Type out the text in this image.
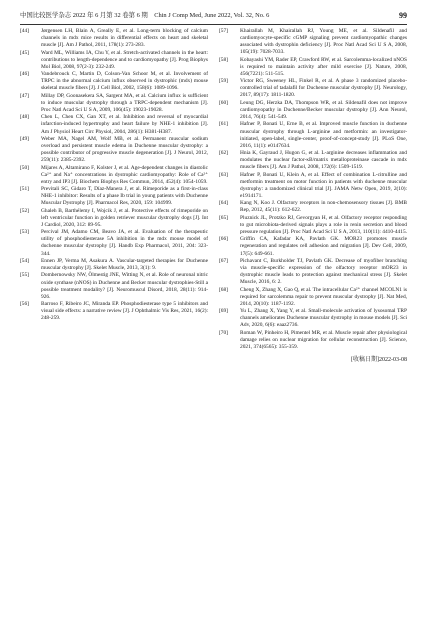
中国比较医学杂志 2022 年 6 月第 32 卷第 6 期　Chin J Comp Med, June 2022, Vol. 32, No. 6	99
[44]	Jørgensen LH, Blain A, Greally E, et al. Long-term blocking of calcium channels in mdx mice results in differential effects on heart and skeletal muscle [J]. Am J Pathol, 2011, 178(1): 273-283.
[45]	Ward ML, Williams IA, Chu Y, et al. Stretch-activated channels in the heart: contributions to length-dependence and to cardiomyopathy [J]. Prog Biophys Mol Biol, 2008, 97(2-3): 232-249.
[46]	Vandebrouck C, Martin D, Colson-Van Schoor M, et al. Involvement of TRPC in the abnormal calcium influx observed in dystrophic (mdx) mouse skeletal muscle fibers [J]. J Cell Biol, 2002, 158(6): 1089-1096.
[47]	Millay DP, Goonasekera SA, Sargent MA, et al. Calcium influx is sufficient to induce muscular dystrophy through a TRPC-dependent mechanism [J]. Proc Natl Acad Sci U S A, 2009, 106(45): 19023-19028.
[48]	Chen L, Chen CX, Gan XT, et al. Inhibition and reversal of myocardial infarction-induced hypertrophy and heart failure by NHE-1 inhibition [J]. Am J Physiol Heart Circ Physiol, 2004, 286(1): H381-H387.
[49]	Weber MA, Nagel AM, Wolf MB, et al. Permanent muscular sodium overload and persistent muscle edema in Duchenne muscular dystrophy: a possible contributor of progressive muscle degeneration [J]. J Neurol, 2012, 259(11): 2385-2392.
[50]	Mijares A, Altamirano F, Kolster J, et al. Age-dependent changes in diastolic Ca²⁺ and Na⁺ concentrations in dystrophic cardiomyopathy: Role of Ca²⁺ entry and IP3 [J]. Biochem Biophys Res Commun, 2014, 452(4): 1054-1059.
[51]	Previtali SC, Gidaro T, Díaz-Manera J, et al. Rimeporide as a first-in-class NHE-1 inhibitor: Results of a phase Ib trial in young patients with Duchenne Muscular Dystrophy [J]. Pharmacol Res, 2020, 159: 104999.
[52]	Ghaleh B, Barthélemy I, Wojcik J, et al. Protective effects of rimeporide on left ventricular function in golden retriever muscular dystrophy dogs [J]. Int J Cardiol, 2020, 312: 89-95.
[53]	Percival JM, Adamo CM, Beavo JA, et al. Evaluation of the therapeutic utility of phosphodiesterase 5A inhibition in the mdx mouse model of duchenne muscular dystrophy [J]. Handb Exp Pharmacol, 2011, 204: 323-344.
[54]	Ennen JP, Verma M, Asakura A. Vascular-targeted therapies for Duchenne muscular dystrophy [J]. Skelet Muscle, 2013, 3(1): 9.
[55]	Dombernowsky NW, Ölmestig JNE, Witting N, et al. Role of neuronal nitric oxide synthase (nNOS) in Duchenne and Becker muscular dystrophies-Still a possible treatment modality? [J]. Neuromuscul Disord, 2018, 28(11): 914-926.
[56]	Barroso F, Ribeiro JC, Miranda EP. Phosphodiesterase type 5 inhibitors and visual side effects: a narrative review [J]. J Ophthalmic Vis Res, 2021, 16(2): 248-259.
[57]	Khairallah M, Khairallah RJ, Young ME, et al. Sildenafil and cardiomyocyte-specific cGMP signaling prevent cardiomyopathic changes associated with dystrophin deficiency [J]. Proc Natl Acad Sci U S A, 2008, 105(19): 7028-7033.
[58]	Kobayashi YM, Rader EP, Crawford RW, et al. Sarcolemma-localized nNOS is required to maintain activity after mild exercise [J]. Nature, 2008, 456(7221): 511-515.
[59]	Victor RG, Sweeney HL, Finkel R, et al. A phase 3 randomized placebo-controlled trial of tadalafil for Duchenne muscular dystrophy [J]. Neurology, 2017, 89(17): 1811-1820.
[60]	Leung DG, Herzka DA, Thompson WR, et al. Sildenafil does not improve cardiomyopathy in Duchenne/Becker muscular dystrophy [J]. Ann Neurol, 2014, 76(4): 541-549.
[61]	Hafner P, Bonati U, Erne B, et al. Improved muscle function in duchenne muscular dystrophy through L-arginine and metformin: an investigator-initiated, open-label, single-center, proof-of-concept-study [J]. PLoS One, 2016, 11(1): e0147634.
[62]	Hnia K, Gayraud J, Hugon G, et al. L-arginine decreases inflammation and modulates the nuclear factor-κB/matrix metalloproteinase cascade in mdx muscle fibers [J]. Am J Pathol, 2008, 172(6): 1509-1519.
[63]	Hafner P, Bonati U, Klein A, et al. Effect of combination L-citrulline and metformin treatment on motor function in patients with duchenne muscular dystrophy: a randomized clinical trial [J]. JAMA Netw Open, 2019, 2(10): e1914171.
[64]	Kang N, Koo J. Olfactory receptors in non-chemosensory tissues [J]. BMB Rep, 2012, 45(11): 612-622.
[65]	Pluznick JL, Protzko RJ, Gevorgyan H, et al. Olfactory receptor responding to gut microbiota-derived signals plays a role in renin secretion and blood pressure regulation [J]. Proc Natl Acad Sci U S A, 2013, 110(11): 4410-4415.
[66]	Griffin CA, Kafadar KA, Pavlath GK. MOR23 promotes muscle regeneration and regulates cell adhesion and migration [J]. Dev Cell, 2009, 17(5): 649-661.
[67]	Pichavant C, Burkholder TJ, Pavlath GK. Decrease of myofiber branching via muscle-specific expression of the olfactory receptor mOR23 in dystrophic muscle leads to protection against mechanical stress [J]. Skelet Muscle, 2016, 6: 2.
[68]	Cheng X, Zhang X, Gao Q, et al. The intracellular Ca²⁺ channel MCOLN1 is required for sarcolemma repair to prevent muscular dystrophy [J]. Nat Med, 2014, 20(10): 1187-1192.
[69]	Yu L, Zhang X, Yang Y, et al. Small-molecule activation of lysosomal TRP channels ameliorates Duchenne muscular dystrophy in mouse models [J]. Sci Adv, 2020, 6(6): eaaz2736.
[70]	Roman W, Pinheiro H, Pimentel MR, et al. Muscle repair after physiological damage relies on nuclear migration for cellular reconstruction [J]. Science, 2021, 374(6565): 355-359.
[收稿日期]2022-03-08
